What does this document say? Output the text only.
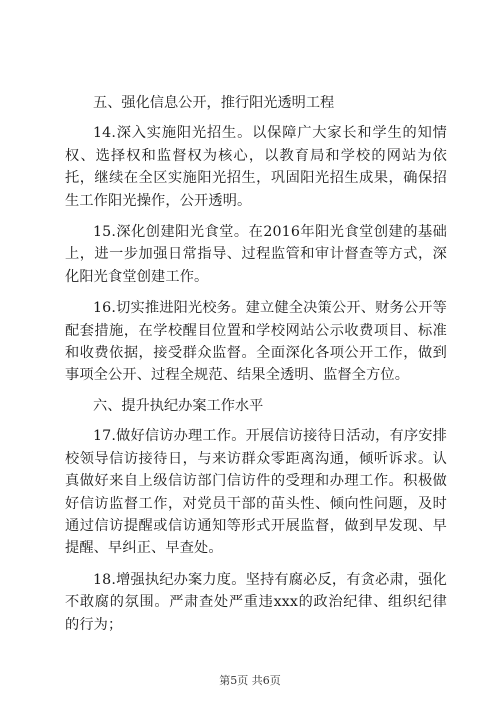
五、强化信息公开，推行阳光透明工程

14.深入实施阳光招生。以保障广大家长和学生的知情权、选择权和监督权为核心，以教育局和学校的网站为依托，继续在全区实施阳光招生，巩固阳光招生成果，确保招生工作阳光操作，公开透明。

15.深化创建阳光食堂。在2016年阳光食堂创建的基础上，进一步加强日常指导、过程监管和审计督查等方式，深化阳光食堂创建工作。

16.切实推进阳光校务。建立健全决策公开、财务公开等配套措施，在学校醒目位置和学校网站公示收费项目、标准和收费依据，接受群众监督。全面深化各项公开工作，做到事项全公开、过程全规范、结果全透明、监督全方位。

六、提升执纪办案工作水平

17.做好信访办理工作。开展信访接待日活动，有序安排校领导信访接待日，与来访群众零距离沟通，倾听诉求。认真做好来自上级信访部门信访件的受理和办理工作。积极做好信访监督工作，对党员干部的苗头性、倾向性问题，及时通过信访提醒或信访通知等形式开展监督，做到早发现、早提醒、早纠正、早查处。

18.增强执纪办案力度。坚持有腐必反，有贪必肃，强化不敢腐的氛围。严肃查处严重违xxx的政治纪律、组织纪律的行为；

第5页 共6页
